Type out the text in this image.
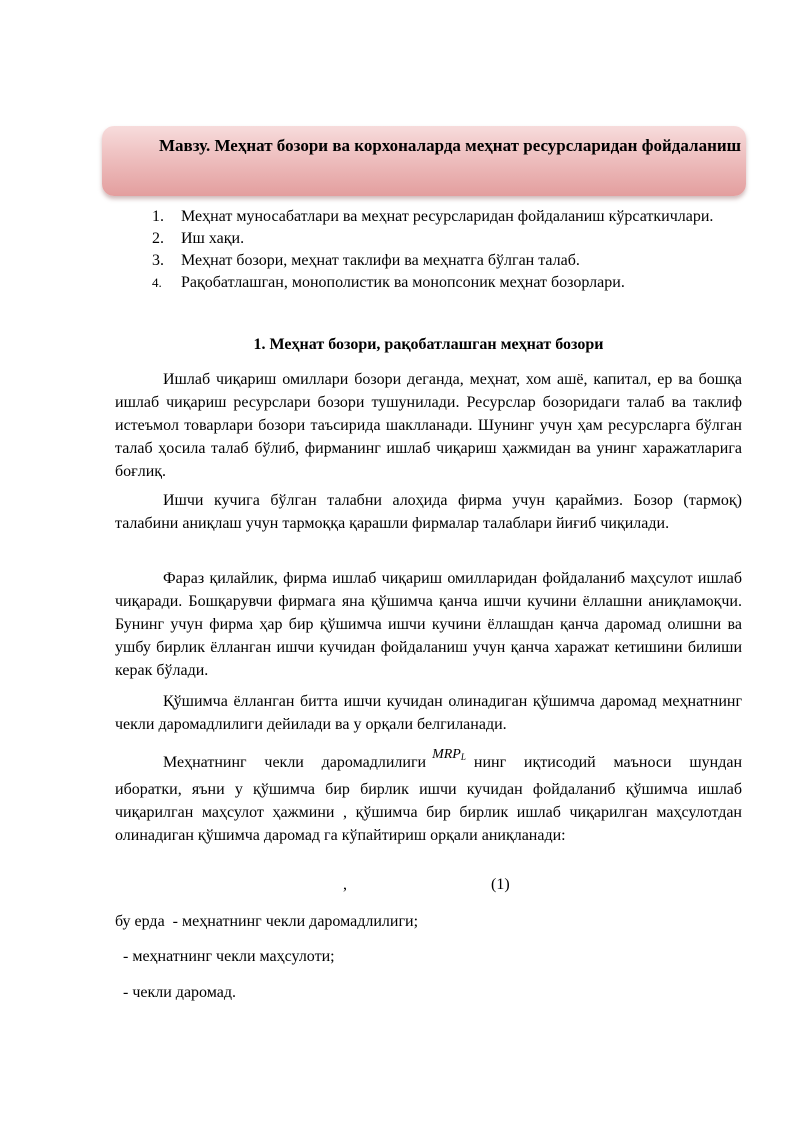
Мавзу. Меҳнат бозори ва корхоналарда меҳнат ресурсларидан фойдаланиш
1. Меҳнат муносабатлари ва меҳнат ресурсларидан фойдаланиш кўрсаткичлари.
2. Иш хақи.
3. Меҳнат бозори, меҳнат таклифи ва меҳнатга бўлган талаб.
4. Рақобатлашган, монополистик ва монопсоник меҳнат бозорлари.
1. Меҳнат бозори, рақобатлашган меҳнат бозори

Ишлаб чиқариш омиллари бозори деганда, меҳнат, хом ашё, капитал, ер ва бошқа ишлаб чиқариш ресурслари бозори тушунилади. Ресурслар бозоридаги талаб ва таклиф истеъмол товарлари бозори таъсирида шаклланади. Шунинг учун ҳам ресурсларга бўлган талаб ҳосила талаб бўлиб, фирманинг ишлаб чиқариш ҳажмидан ва унинг харажатларига боғлиқ.

Ишчи кучига бўлган талабни алоҳида фирма учун қараймиз. Бозор (тармоқ) талабини аниқлаш учун тармоққа қарашли фирмалар талаблари йиғиб чиқилади.

Фараз қилайлик, фирма ишлаб чиқариш омилларидан фойдаланиб маҳсулот ишлаб чиқаради. Бошқарувчи фирмага яна қўшимча қанча ишчи кучини ёллашни аниқламоқчи. Бунинг учун фирма ҳар бир қўшимча ишчи кучини ёллашдан қанча даромад олишни ва ушбу бирлик ёлланган ишчи кучидан фойдаланиш учун қанча харажат кетишини билиши керак бўлади.

Қўшимча ёлланган битта ишчи кучидан олинадиган қўшимча даромад меҳнатнинг чекли даромадлилиги дейилади ва у орқали белгиланади.

Меҳнатнинг чекли даромадлилиги $MRP_L$ нинг иқтисодий маъноси шундан иборатки, яъни у қўшимча бир бирлик ишчи кучидан фойдаланиб қўшимча ишлаб чиқарилган маҳсулот ҳажмини , қўшимча бир бирлик ишлаб чиқарилган маҳсулотдан олинадиган қўшимча даромад га кўпайтириш орқали аниқланади:

,	(1)
бу ерда  - меҳнатнинг чекли даромадлилиги;
- меҳнатнинг чекли маҳсулоти;
- чекли даромад.
